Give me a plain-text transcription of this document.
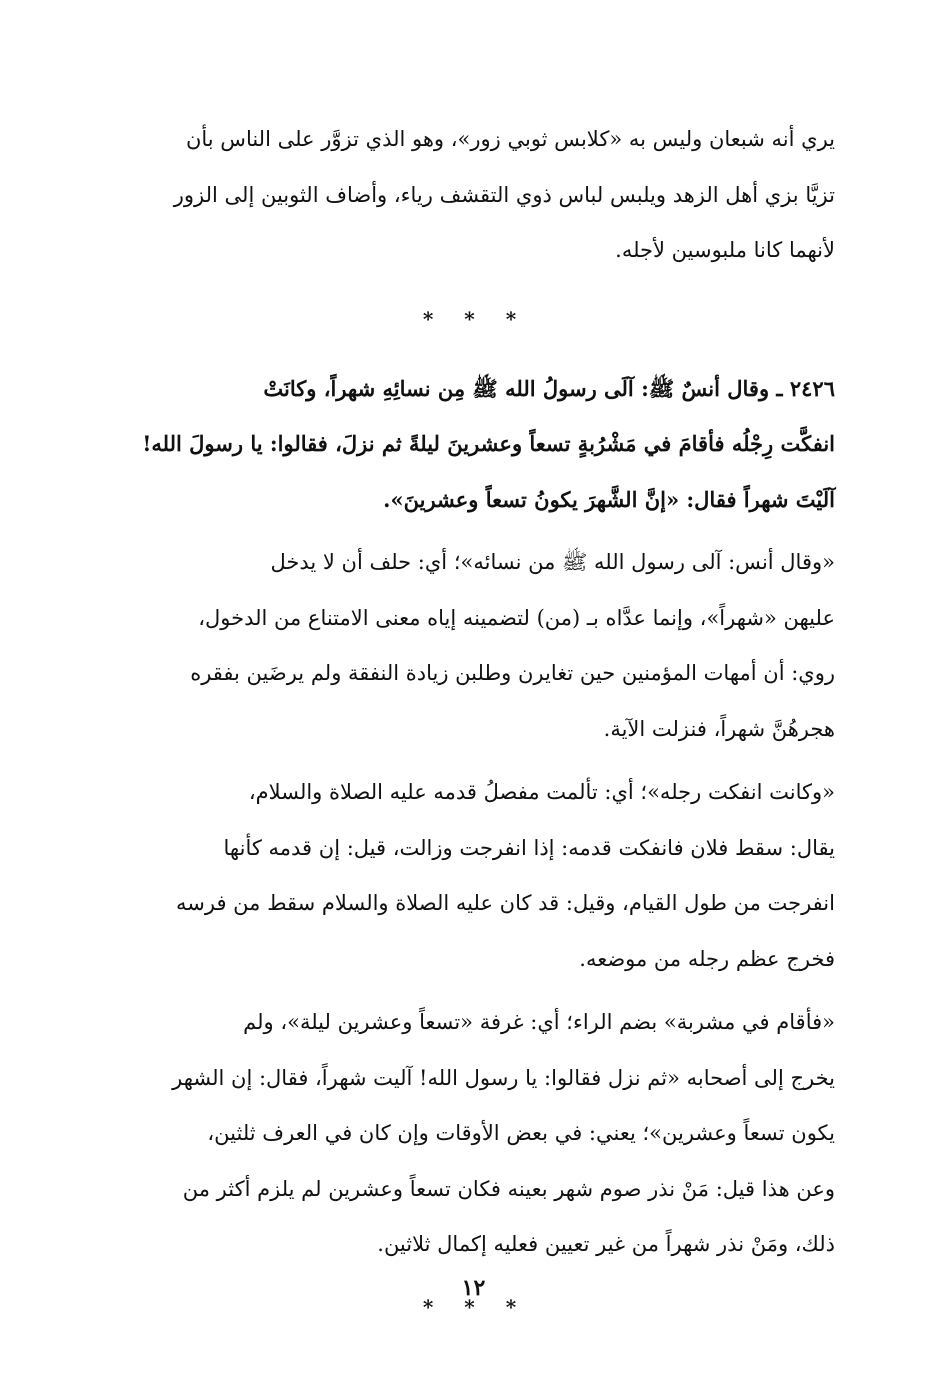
يري أنه شبعان وليس به «كلابس ثوبي زور»، وهو الذي تزوَّر على الناس بأن
تزيَّا بزي أهل الزهد ويلبس لباس ذوي التقشف رياء، وأضاف الثوبين إلى الزور
لأنهما كانا ملبوسين لأجله.
* * *
٢٤٢٦ ـ وقال أنسٌ ﷺ: آلَى رسولُ الله ﷺ مِن نسائِهِ شهراً، وكانَتْ
انفكَّت رِجْلُه فأقامَ في مَشْرُبةٍ تسعاً وعشرينَ ليلةً ثم نزلَ، فقالوا: يا رسولَ الله!
آلَيْتَ شهراً فقال: «إنَّ الشَّهرَ يكونُ تسعاً وعشرينَ».
«وقال أنس: آلى رسول الله ﷺ من نسائه»؛ أي: حلف أن لا يدخل
عليهن «شهراً»، وإنما عدَّاه بـ (من) لتضمينه إياه معنى الامتناع من الدخول،
روي: أن أمهات المؤمنين حين تغايرن وطلبن زيادة النفقة ولم يرضَين بفقره
هجرهُنَّ شهراً، فنزلت الآية.
«وكانت انفكت رجله»؛ أي: تألمت مفصلُ قدمه عليه الصلاة والسلام،
يقال: سقط فلان فانفكت قدمه: إذا انفرجت وزالت، قيل: إن قدمه كأنها
انفرجت من طول القيام، وقيل: قد كان عليه الصلاة والسلام سقط من فرسه
فخرج عظم رجله من موضعه.
«فأقام في مشربة» بضم الراء؛ أي: غرفة «تسعاً وعشرين ليلة»، ولم
يخرج إلى أصحابه «ثم نزل فقالوا: يا رسول الله! آليت شهراً، فقال: إن الشهر
يكون تسعاً وعشرين»؛ يعني: في بعض الأوقات وإن كان في العرف ثلثين،
وعن هذا قيل: مَنْ نذر صوم شهر بعينه فكان تسعاً وعشرين لم يلزم أكثر من
ذلك، ومَنْ نذر شهراً من غير تعيين فعليه إكمال ثلاثين.
* * *
١٢
